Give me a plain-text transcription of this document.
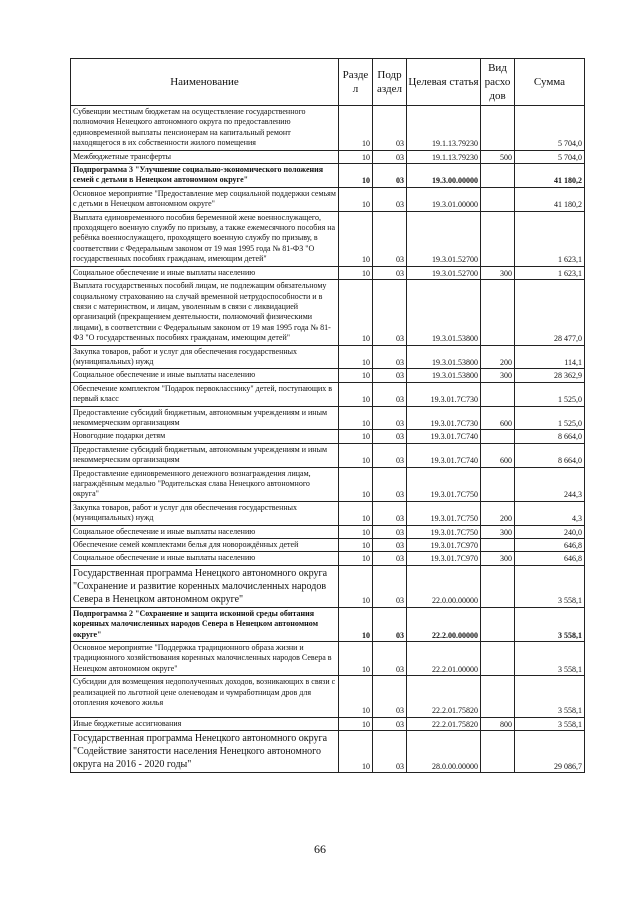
Наименование	Разде л	Подр аздел	Целевая статья	Вид расхо дов	Сумма
Субвенции местным бюджетам на осуществление государственного полномочия Ненецкого автономного округа по предоставлению единовременной выплаты пенсионерам на капитальный ремонт находящегося в их собственности жилого помещения	10	03	19.1.13.79230		5 704,0
Межбюджетные трансферты	10	03	19.1.13.79230	500	5 704,0
Подпрограмма 3 "Улучшение социально-экономического положения семей с детьми в Ненецком автономном округе"	10	03	19.3.00.00000		41 180,2
Основное мероприятие "Предоставление мер социальной поддержки семьям с детьми в Ненецком автономном округе"	10	03	19.3.01.00000		41 180,2
Выплата единовременного пособия беременной жене военнослужащего, проходящего военную службу по призыву, а также ежемесячного пособия на ребёнка военнослужащего, проходящего военную службу по призыву, в соответствии с Федеральным законом от 19 мая 1995 года № 81-ФЗ "О государственных пособиях гражданам, имеющим детей"	10	03	19.3.01.52700		1 623,1
Социальное обеспечение и иные выплаты населению	10	03	19.3.01.52700	300	1 623,1
Выплата государственных пособий лицам, не подлежащим обязательному социальному страхованию на случай временной нетрудоспособности и в связи с материнством, и лицам, уволенным в связи с ликвидацией организаций (прекращением деятельности, полномочий физическими лицами), в соответствии с Федеральным законом от 19 мая 1995 года № 81-ФЗ "О государственных пособиях гражданам, имеющим детей"	10	03	19.3.01.53800		28 477,0
Закупка товаров, работ и услуг для обеспечения государственных (муниципальных) нужд	10	03	19.3.01.53800	200	114,1
Социальное обеспечение и иные выплаты населению	10	03	19.3.01.53800	300	28 362,9
Обеспечение комплектом "Подарок первокласснику" детей, поступающих в первый класс	10	03	19.3.01.7С730		1 525,0
Предоставление субсидий бюджетным, автономным учреждениям и иным некоммерческим организациям	10	03	19.3.01.7С730	600	1 525,0
Новогодние подарки детям	10	03	19.3.01.7С740		8 664,0
Предоставление субсидий бюджетным, автономным учреждениям и иным некоммерческим организациям	10	03	19.3.01.7С740	600	8 664,0
Предоставление единовременного денежного вознаграждения лицам, награждённым медалью "Родительская слава Ненецкого автономного округа"	10	03	19.3.01.7С750		244,3
Закупка товаров, работ и услуг для обеспечения государственных (муниципальных) нужд	10	03	19.3.01.7С750	200	4,3
Социальное обеспечение и иные выплаты населению	10	03	19.3.01.7С750	300	240,0
Обеспечение семей комплектами белья для новорождённых детей	10	03	19.3.01.7С970		646,8
Социальное обеспечение и иные выплаты населению	10	03	19.3.01.7С970	300	646,8
Государственная программа Ненецкого автономного округа "Сохранение и развитие коренных малочисленных народов Севера в Ненецком автономном округе"	10	03	22.0.00.00000		3 558,1
Подпрограмма 2 "Сохранение и защита исконной среды обитания коренных малочисленных народов Севера в Ненецком автономном округе"	10	03	22.2.00.00000		3 558,1
Основное мероприятие "Поддержка традиционного образа жизни и традиционного хозяйствования коренных малочисленных народов Севера в Ненецком автономном округе"	10	03	22.2.01.00000		3 558,1
Субсидии для возмещения недополученных доходов, возникающих в связи с реализацией по льготной цене оленеводам и чумработницам дров для отопления кочевого жилья	10	03	22.2.01.75820		3 558,1
Иные бюджетные ассигнования	10	03	22.2.01.75820	800	3 558,1
Государственная программа Ненецкого автономного округа "Содействие занятости населения Ненецкого автономного округа на 2016 - 2020 годы"	10	03	28.0.00.00000		29 086,7
66
